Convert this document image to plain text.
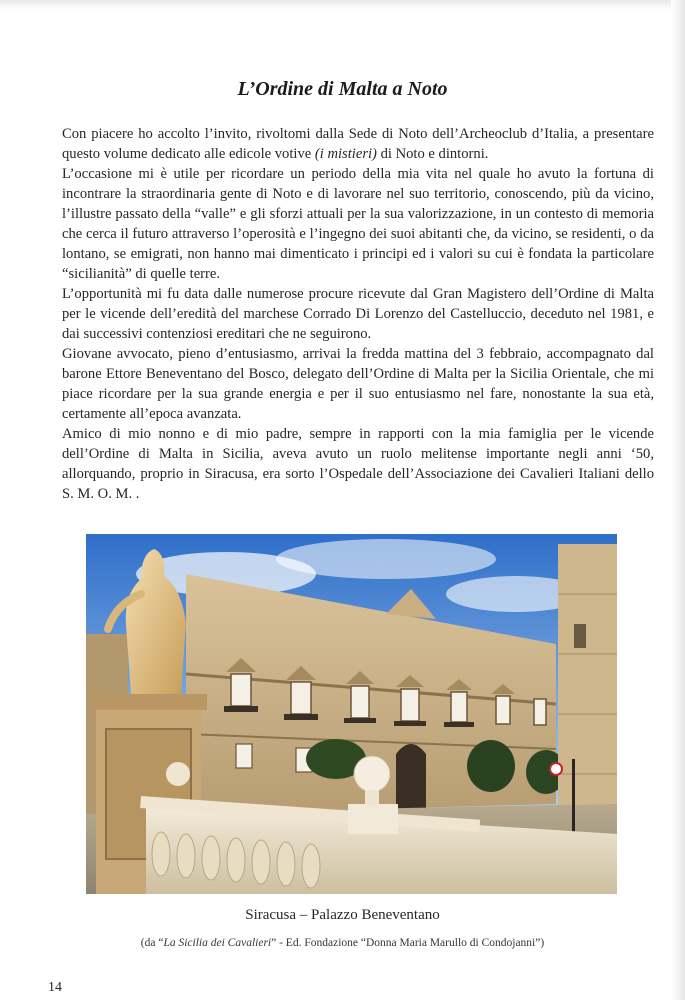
L’Ordine di Malta a Noto

Con piacere ho accolto l’invito, rivoltomi dalla Sede di Noto dell’Archeoclub d’Italia, a presentare questo volume dedicato alle edicole votive (i mistieri) di Noto e dintorni.

L’occasione mi è utile per ricordare un periodo della mia vita nel quale ho avuto la fortuna di incontrare la straordinaria gente di Noto e di lavorare nel suo territorio, conoscendo, più da vicino, l’illustre passato della “valle” e gli sforzi attuali per la sua valorizzazione, in un contesto di memoria che cerca il futuro attraverso l’operosità e l’ingegno dei suoi abitanti che, da vicino, se residenti, o da lontano, se emigrati, non hanno mai dimenticato i principi ed i valori su cui è fondata la particolare “sicilianità” di quelle terre.

L’opportunità mi fu data dalle numerose procure ricevute dal Gran Magistero dell’Ordine di Malta per le vicende dell’eredità del marchese Corrado Di Lorenzo del Castelluccio, deceduto nel 1981, e dai successivi contenziosi ereditari che ne seguirono.

Giovane avvocato, pieno d’entusiasmo, arrivai la fredda mattina del 3 febbraio, accompagnato dal barone Ettore Beneventano del Bosco, delegato dell’Ordine di Malta per la Sicilia Orientale, che mi piace ricordare per la sua grande energia e per il suo entusiasmo nel fare, nonostante la sua età, certamente all’epoca avanzata.

Amico di mio nonno e di mio padre, sempre in rapporti con la mia famiglia per le vicende dell’Ordine di Malta in Sicilia, aveva avuto un ruolo melitense importante negli anni ‘50, allorquando, proprio in Siracusa, era sorto l’Ospedale dell’Associazione dei Cavalieri Italiani dello S. M. O. M. .

Siracusa – Palazzo Beneventano
(da “La Sicilia dei Cavalieri” - Ed. Fondazione “Donna Maria Marullo di Condojanni”)
14
